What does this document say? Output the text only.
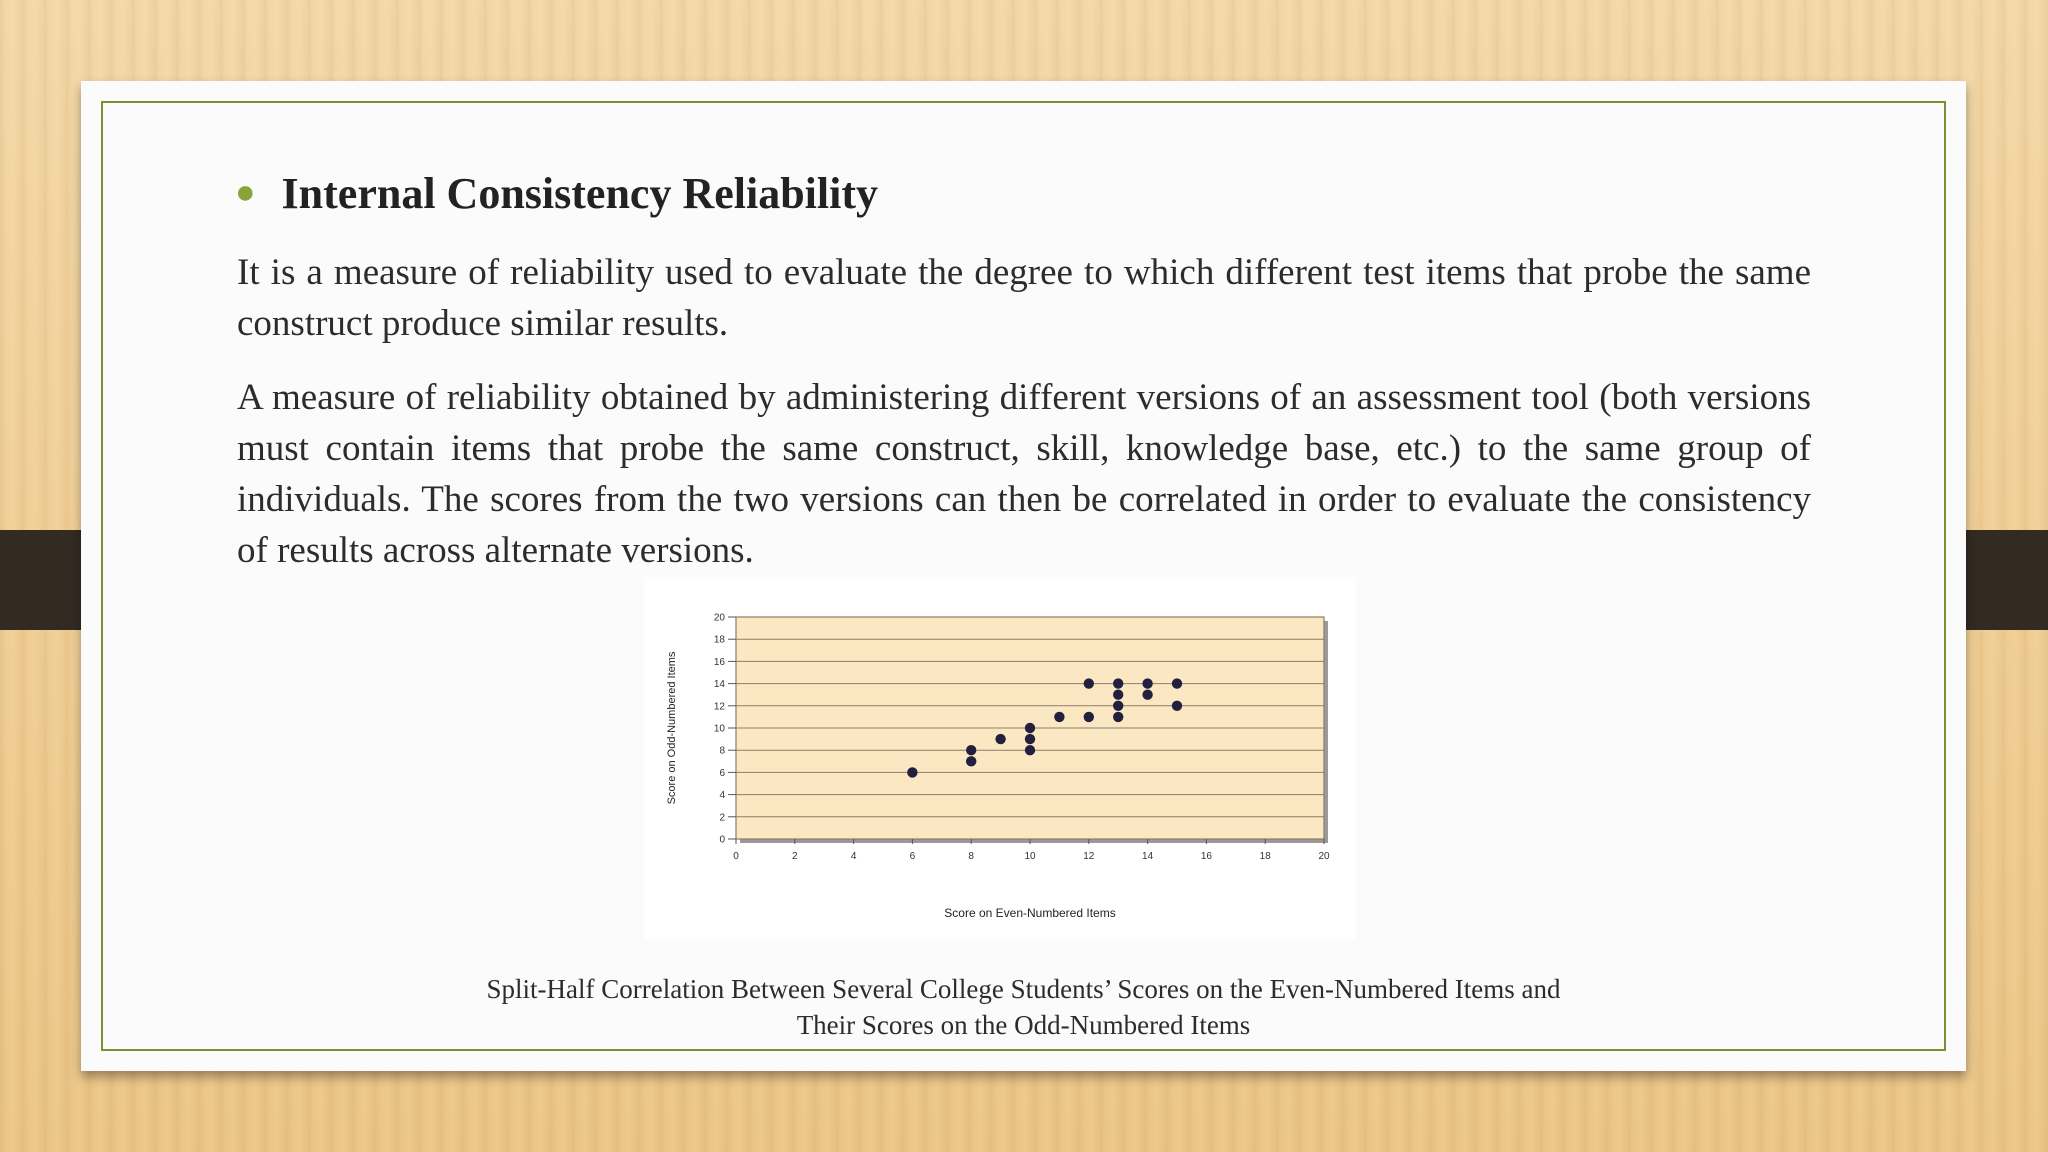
● Internal Consistency Reliability

It is a measure of reliability used to evaluate the degree to which different test items that probe the same construct produce similar results.

A measure of reliability obtained by administering different versions of an assessment tool (both versions must contain items that probe the same construct, skill, knowledge base, etc.) to the same group of individuals. The scores from the two versions can then be correlated in order to evaluate the consistency of results across alternate versions.

0
2
4
6
8
10
12
14
16
18
20
0	2	4	6	8	10	12	14	16	18	20
Score on Even-Numbered Items
Score on Odd-Numbered Items
Split-Half Correlation Between Several College Students’ Scores on the Even-Numbered Items and
Their Scores on the Odd-Numbered Items
